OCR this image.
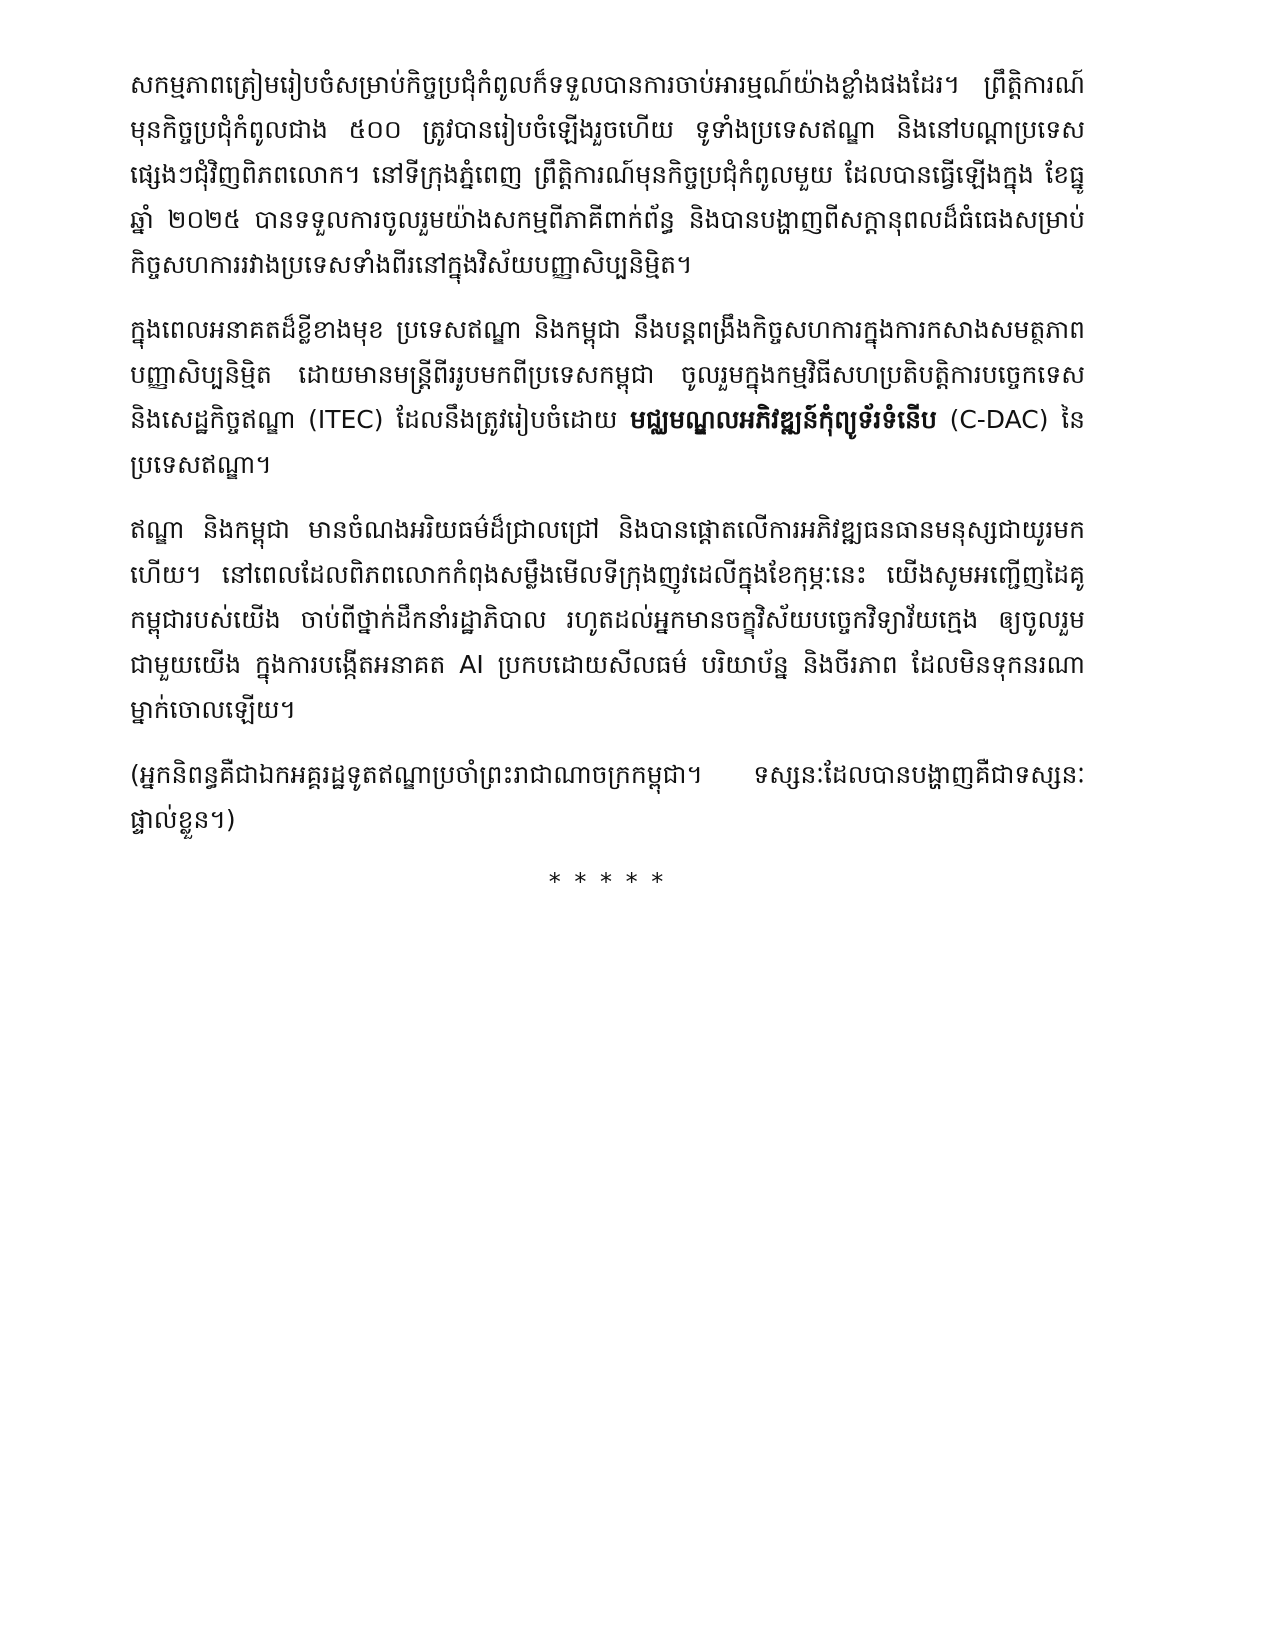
សកម្មភាពត្រៀមរៀបចំសម្រាប់កិច្ចប្រជុំកំពូលក៏ទទួលបានការចាប់អារម្មណ៍យ៉ាងខ្លាំងផងដែរ។ ព្រឹត្តិការណ៍មុនកិច្ចប្រជុំកំពូលជាង ៥០០ ត្រូវបានរៀបចំឡើងរួចហើយ ទូទាំងប្រទេសឥណ្ឌា និងនៅបណ្ដាប្រទេសផ្សេងៗជុំវិញពិភពលោក។ នៅទីក្រុងភ្នំពេញ ព្រឹត្តិការណ៍មុនកិច្ចប្រជុំកំពូលមួយ ដែលបានធ្វើឡើងក្នុង ខែធ្នូ ឆ្នាំ ២០២៥ បានទទួលការចូលរួមយ៉ាងសកម្មពីភាគីពាក់ព័ន្ធ និងបានបង្ហាញពីសក្ដានុពលដ៏ធំធេងសម្រាប់កិច្ចសហការរវាងប្រទេសទាំងពីរនៅក្នុងវិស័យបញ្ញាសិប្បនិម្មិត។

ក្នុងពេលអនាគតដ៏ខ្លីខាងមុខ ប្រទេសឥណ្ឌា និងកម្ពុជា នឹងបន្តពង្រឹងកិច្ចសហការក្នុងការកសាងសមត្ថភាពបញ្ញាសិប្បនិម្មិត ដោយមានមន្ត្រីពីររូបមកពីប្រទេសកម្ពុជា ចូលរួមក្នុងកម្មវិធីសហប្រតិបត្តិការបច្ចេកទេស និងសេដ្ឋកិច្ចឥណ្ឌា (ITEC) ដែលនឹងត្រូវរៀបចំដោយ មជ្ឈមណ្ឌលអភិវឌ្ឍន៍កុំព្យូទ័រទំនើប (C-DAC) នៃប្រទេសឥណ្ឌា។

ឥណ្ឌា និងកម្ពុជា មានចំណងអរិយធម៌ដ៏ជ្រាលជ្រៅ និងបានផ្ដោតលើការអភិវឌ្ឍធនធានមនុស្សជាយូរមកហើយ។ នៅពេលដែលពិភពលោកកំពុងសម្លឹងមើលទីក្រុងញូវដេលីក្នុងខែកុម្ភៈនេះ យើងសូមអញ្ជើញដៃគូកម្ពុជារបស់យើង ចាប់ពីថ្នាក់ដឹកនាំរដ្ឋាភិបាល រហូតដល់អ្នកមានចក្ខុវិស័យបច្ចេកវិទ្យាវ័យក្មេង ឲ្យចូលរួមជាមួយយើង ក្នុងការបង្កើតអនាគត AI ប្រកបដោយសីលធម៌ បរិយាប័ន្ន និងចីរភាព ដែលមិនទុកនរណាម្នាក់ចោលឡើយ។

(អ្នកនិពន្ធគឺជាឯកអគ្គរដ្ឋទូតឥណ្ឌាប្រចាំព្រះរាជាណាចក្រកម្ពុជា។ ទស្សនៈដែលបានបង្ហាញគឺជាទស្សនៈផ្ទាល់ខ្លួន។)

* * * * *
